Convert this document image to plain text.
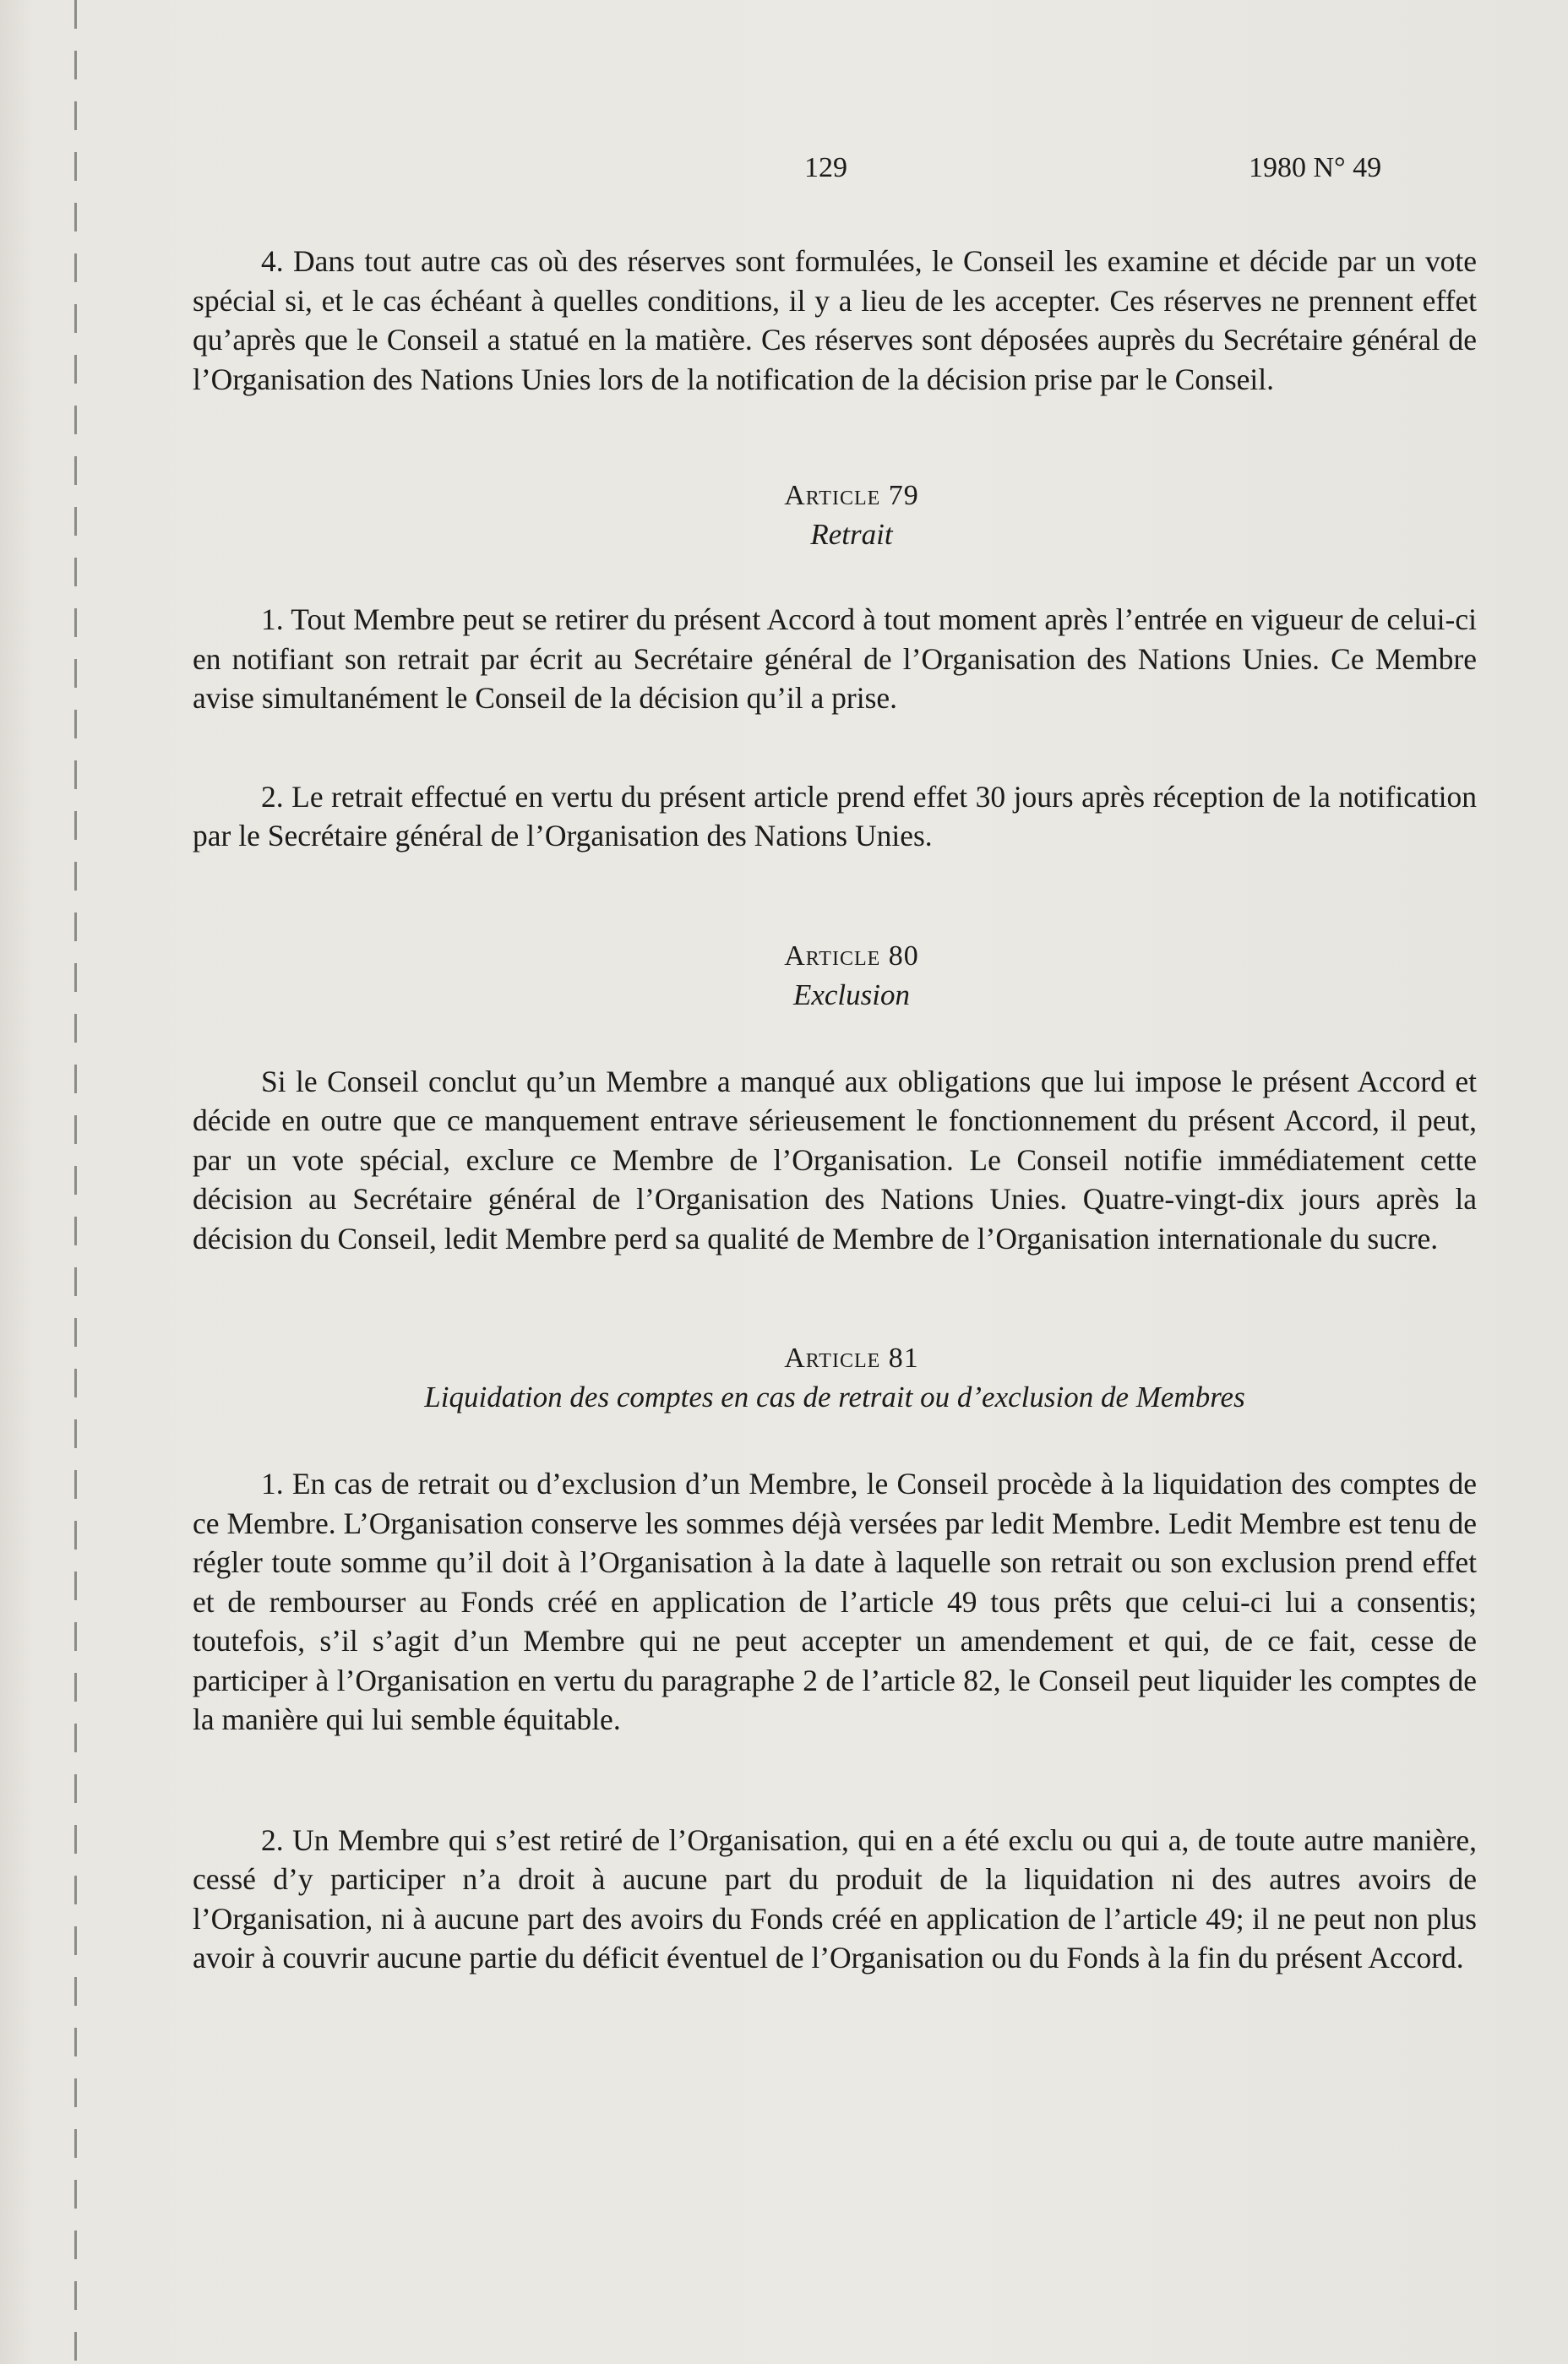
129	1980 N° 49

4. Dans tout autre cas où des réserves sont formulées, le Conseil les examine et décide par un vote spécial si, et le cas échéant à quelles conditions, il y a lieu de les accepter. Ces réserves ne prennent effet qu’après que le Conseil a statué en la matière. Ces réserves sont déposées auprès du Secrétaire général de l’Organisation des Nations Unies lors de la notification de la décision prise par le Conseil.

Article 79
Retrait

1. Tout Membre peut se retirer du présent Accord à tout moment après l’entrée en vigueur de celui-ci en notifiant son retrait par écrit au Secrétaire général de l’Organisation des Nations Unies. Ce Membre avise simultanément le Conseil de la décision qu’il a prise.

2. Le retrait effectué en vertu du présent article prend effet 30 jours après réception de la notification par le Secrétaire général de l’Organisation des Nations Unies.

Article 80
Exclusion

Si le Conseil conclut qu’un Membre a manqué aux obligations que lui impose le présent Accord et décide en outre que ce manquement entrave sérieusement le fonctionnement du présent Accord, il peut, par un vote spécial, exclure ce Membre de l’Organisation. Le Conseil notifie immédiatement cette décision au Secrétaire général de l’Organisation des Nations Unies. Quatre-vingt-dix jours après la décision du Conseil, ledit Membre perd sa qualité de Membre de l’Organisation internationale du sucre.

Article 81
Liquidation des comptes en cas de retrait ou d’exclusion de Membres

1. En cas de retrait ou d’exclusion d’un Membre, le Conseil procède à la liquidation des comptes de ce Membre. L’Organisation conserve les sommes déjà versées par ledit Membre. Ledit Membre est tenu de régler toute somme qu’il doit à l’Organisation à la date à laquelle son retrait ou son exclusion prend effet et de rembourser au Fonds créé en application de l’article 49 tous prêts que celui-ci lui a consentis; toutefois, s’il s’agit d’un Membre qui ne peut accepter un amendement et qui, de ce fait, cesse de participer à l’Organisation en vertu du paragraphe 2 de l’article 82, le Conseil peut liquider les comptes de la manière qui lui semble équitable.

2. Un Membre qui s’est retiré de l’Organisation, qui en a été exclu ou qui a, de toute autre manière, cessé d’y participer n’a droit à aucune part du produit de la liquidation ni des autres avoirs de l’Organisation, ni à aucune part des avoirs du Fonds créé en application de l’article 49; il ne peut non plus avoir à couvrir aucune partie du déficit éventuel de l’Organisation ou du Fonds à la fin du présent Accord.
